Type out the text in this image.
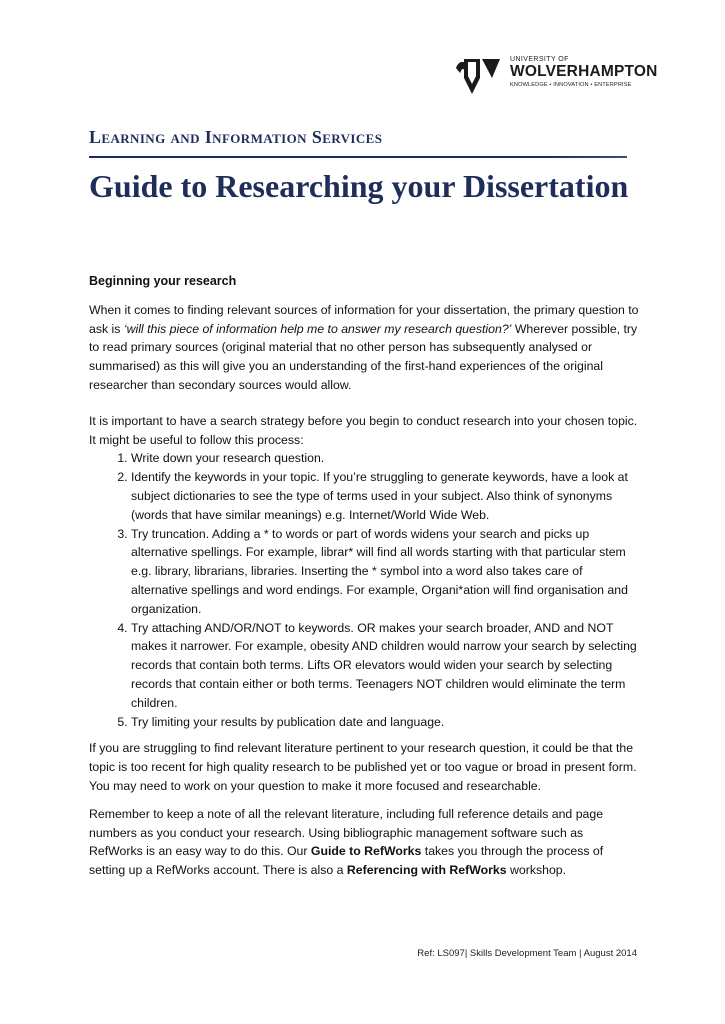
UNIVERSITY OF
WOLVERHAMPTON
KNOWLEDGE • INNOVATION • ENTERPRISE
Learning and Information Services
Guide to Researching your Dissertation
Beginning your research

When it comes to finding relevant sources of information for your dissertation, the primary question to ask is ‘will this piece of information help me to answer my research question?’ Wherever possible, try to read primary sources (original material that no other person has subsequently analysed or summarised) as this will give you an understanding of the first-hand experiences of the original researcher than secondary sources would allow.

It is important to have a search strategy before you begin to conduct research into your chosen topic. It might be useful to follow this process:

1. Write down your research question.
2. Identify the keywords in your topic. If you’re struggling to generate keywords, have a look at subject dictionaries to see the type of terms used in your subject. Also think of synonyms (words that have similar meanings) e.g. Internet/World Wide Web.
3. Try truncation. Adding a * to words or part of words widens your search and picks up alternative spellings. For example, librar* will find all words starting with that particular stem e.g. library, librarians, libraries. Inserting the * symbol into a word also takes care of alternative spellings and word endings. For example, Organi*ation will find organisation and organization.
4. Try attaching AND/OR/NOT to keywords. OR makes your search broader, AND and NOT makes it narrower. For example, obesity AND children would narrow your search by selecting records that contain both terms. Lifts OR elevators would widen your search by selecting records that contain either or both terms. Teenagers NOT children would eliminate the term children.
5. Try limiting your results by publication date and language.

If you are struggling to find relevant literature pertinent to your research question, it could be that the topic is too recent for high quality research to be published yet or too vague or broad in present form. You may need to work on your question to make it more focused and researchable.

Remember to keep a note of all the relevant literature, including full reference details and page numbers as you conduct your research. Using bibliographic management software such as RefWorks is an easy way to do this. Our Guide to RefWorks takes you through the process of setting up a RefWorks account. There is also a Referencing with RefWorks workshop.

Ref: LS097| Skills Development Team | August 2014
